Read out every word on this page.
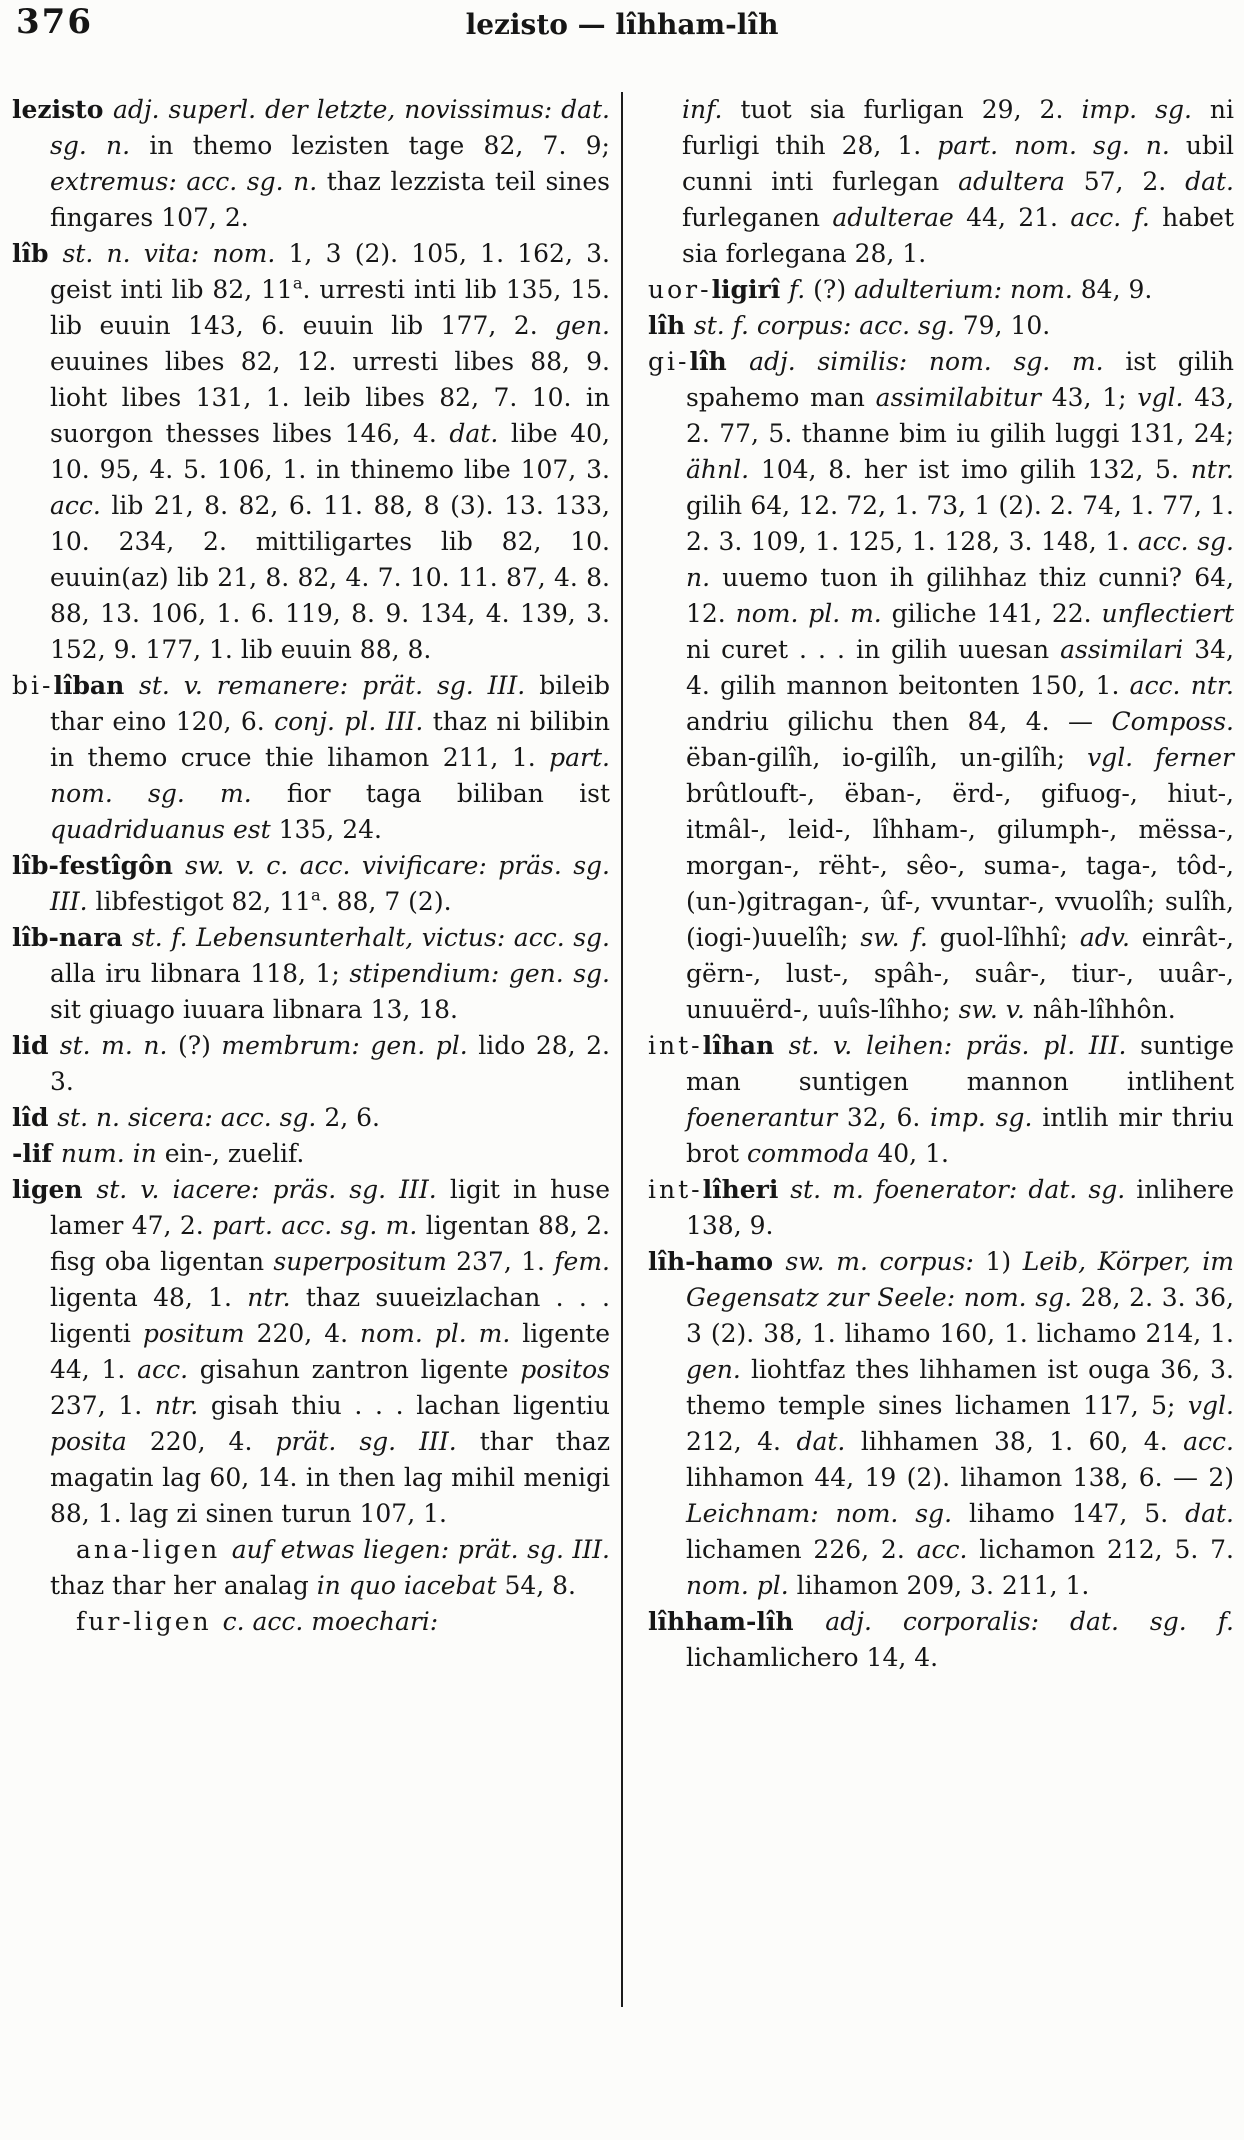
376	lezisto — lîhham-lîh

lezisto adj. superl. der letzte, novissimus: dat. sg. n. in themo lezisten tage 82, 7. 9; extremus: acc. sg. n. thaz lezzista teil sines fingares 107, 2.

lîb st. n. vita: nom. 1, 3 (2). 105, 1. 162, 3. geist inti lib 82, 11$^a$. urresti inti lib 135, 15. lib euuin 143, 6. euuin lib 177, 2. gen. euuines libes 82, 12. urresti libes 88, 9. lioht libes 131, 1. leib libes 82, 7. 10. in suorgon thesses libes 146, 4. dat. libe 40, 10. 95, 4. 5. 106, 1. in thinemo libe 107, 3. acc. lib 21, 8. 82, 6. 11. 88, 8 (3). 13. 133, 10. 234, 2. mittiligartes lib 82, 10. euuin(az) lib 21, 8. 82, 4. 7. 10. 11. 87, 4. 8. 88, 13. 106, 1. 6. 119, 8. 9. 134, 4. 139, 3. 152, 9. 177, 1. lib euuin 88, 8.

bi-lîban st. v. remanere: prät. sg. III. bileib thar eino 120, 6. conj. pl. III. thaz ni bilibin in themo cruce thie lihamon 211, 1. part. nom. sg. m. fior taga biliban ist quadriduanus est 135, 24.

lîb-festîgôn sw. v. c. acc. vivificare: präs. sg. III. libfestigot 82, 11$^a$. 88, 7 (2).

lîb-nara st. f. Lebensunterhalt, victus: acc. sg. alla iru libnara 118, 1; stipendium: gen. sg. sit giuago iuuara libnara 13, 18.

lid st. m. n. (?) membrum: gen. pl. lido 28, 2. 3.

lîd st. n. sicera: acc. sg. 2, 6.

-lif num. in ein-, zuelif.

ligen st. v. iacere: präs. sg. III. ligit in huse lamer 47, 2. part. acc. sg. m. ligentan 88, 2. fisg oba ligentan superpositum 237, 1. fem. ligenta 48, 1. ntr. thaz suueizlachan . . . ligenti positum 220, 4. nom. pl. m. ligente 44, 1. acc. gisahun zantron ligente positos 237, 1. ntr. gisah thiu . . . lachan ligentiu posita 220, 4. prät. sg. III. thar thaz magatin lag 60, 14. in then lag mihil menigi 88, 1. lag zi sinen turun 107, 1.

ana-ligen auf etwas liegen: prät. sg. III. thaz thar her analag in quo iacebat 54, 8.

fur-ligen c. acc. moechari:

inf. tuot sia furligan 29, 2. imp. sg. ni furligi thih 28, 1. part. nom. sg. n. ubil cunni inti furlegan adultera 57, 2. dat. furleganen adulterae 44, 21. acc. f. habet sia forlegana 28, 1.

uor-ligirî f. (?) adulterium: nom. 84, 9.

lîh st. f. corpus: acc. sg. 79, 10.

gi-lîh adj. similis: nom. sg. m. ist gilih spahemo man assimilabitur 43, 1; vgl. 43, 2. 77, 5. thanne bim iu gilih luggi 131, 24; ähnl. 104, 8. her ist imo gilih 132, 5. ntr. gilih 64, 12. 72, 1. 73, 1 (2). 2. 74, 1. 77, 1. 2. 3. 109, 1. 125, 1. 128, 3. 148, 1. acc. sg. n. uuemo tuon ih gilihhaz thiz cunni? 64, 12. nom. pl. m. giliche 141, 22. unflectiert ni curet . . . in gilih uuesan assimilari 34, 4. gilih mannon beitonten 150, 1. acc. ntr. andriu gilichu then 84, 4. — Composs. ëban-gilîh, io-gilîh, un-gilîh; vgl. ferner brûtlouft-, ëban-, ërd-, gifuog-, hiut-, itmâl-, leid-, lîhham-, gilumph-, mëssa-, morgan-, rëht-, sêo-, suma-, taga-, tôd-, (un-)gitragan-, ûf-, vvuntar-, vvuolîh; sulîh, (iogi-)uuelîh; sw. f. guol-lîhhî; adv. einrât-, gërn-, lust-, spâh-, suâr-, tiur-, uuâr-, unuuërd-, uuîs-lîhho; sw. v. nâh-lîhhôn.

int-lîhan st. v. leihen: präs. pl. III. suntige man suntigen mannon intlihent foenerantur 32, 6. imp. sg. intlih mir thriu brot commoda 40, 1.

int-lîheri st. m. foenerator: dat. sg. inlihere 138, 9.

lîh-hamo sw. m. corpus: 1) Leib, Körper, im Gegensatz zur Seele: nom. sg. 28, 2. 3. 36, 3 (2). 38, 1. lihamo 160, 1. lichamo 214, 1. gen. liohtfaz thes lihhamen ist ouga 36, 3. themo temple sines lichamen 117, 5; vgl. 212, 4. dat. lihhamen 38, 1. 60, 4. acc. lihhamon 44, 19 (2). lihamon 138, 6. — 2) Leichnam: nom. sg. lihamo 147, 5. dat. lichamen 226, 2. acc. lichamon 212, 5. 7. nom. pl. lihamon 209, 3. 211, 1.

lîhham-lîh adj. corporalis: dat. sg. f. lichamlichero 14, 4.
